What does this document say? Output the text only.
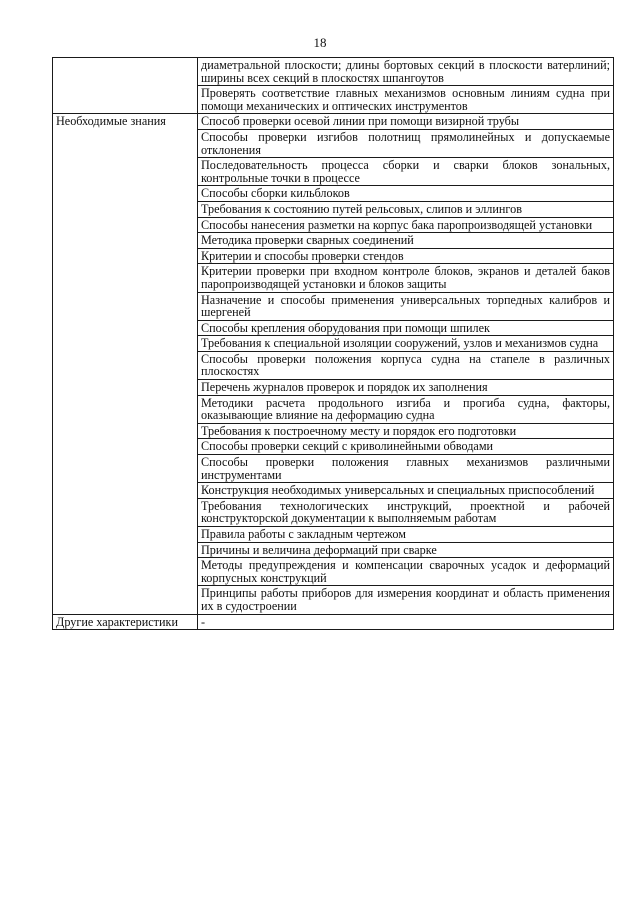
18

	диаметральной плоскости; длины бортовых секций в плоскости ватерлиний; ширины всех секций в плоскостях шпангоутов

	Проверять соответствие главных механизмов основным линиям судна при помощи механических и оптических инструментов

Необходимые знания	Способ проверки осевой линии при помощи визирной трубы

	Способы проверки изгибов полотнищ прямолинейных и допускаемые отклонения

	Последовательность процесса сборки и сварки блоков зональных, контрольные точки в процессе

	Способы сборки кильблоков

	Требования к состоянию путей рельсовых, слипов и эллингов

	Способы нанесения разметки на корпус бака паропроизводящей установки

	Методика проверки сварных соединений

	Критерии и способы проверки стендов

	Критерии проверки при входном контроле блоков, экранов и деталей баков паропроизводящей установки и блоков защиты

	Назначение и способы применения универсальных торпедных калибров и шергеней

	Способы крепления оборудования при помощи шпилек

	Требования к специальной изоляции сооружений, узлов и механизмов судна

	Способы проверки положения корпуса судна на стапеле в различных плоскостях

	Перечень журналов проверок и порядок их заполнения

	Методики расчета продольного изгиба и прогиба судна, факторы, оказывающие влияние на деформацию судна

	Требования к построечному месту и порядок его подготовки

	Способы проверки секций с криволинейными обводами

	Способы проверки положения главных механизмов различными инструментами

	Конструкция необходимых универсальных и специальных приспособлений

	Требования технологических инструкций, проектной и рабочей конструкторской документации к выполняемым работам

	Правила работы с закладным чертежом

	Причины и величина деформаций при сварке

	Методы предупреждения и компенсации сварочных усадок и деформаций корпусных конструкций

	Принципы работы приборов для измерения координат и область применения их в судостроении

Другие характеристики	-
